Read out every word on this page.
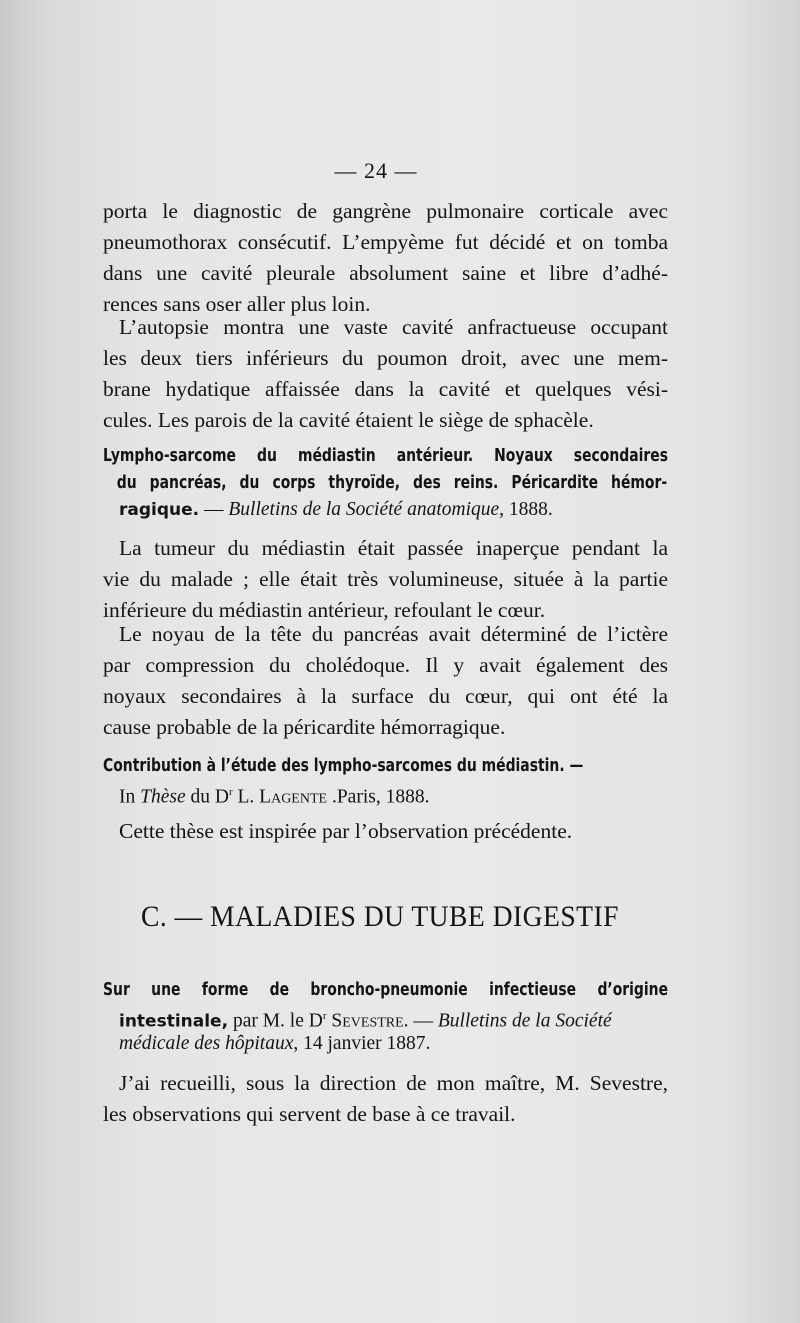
— 24 —
porta le diagnostic de gangrène pulmonaire corticale avec
pneumothorax consécutif. L’empyème fut décidé et on tomba
dans une cavité pleurale absolument saine et libre d’adhé-
rences sans oser aller plus loin.
L’autopsie montra une vaste cavité anfractueuse occupant
les deux tiers inférieurs du poumon droit, avec une mem-
brane hydatique affaissée dans la cavité et quelques vési-
cules. Les parois de la cavité étaient le siège de sphacèle.
Lympho-sarcome du médiastin antérieur. Noyaux secondaires
du pancréas, du corps thyroïde, des reins. Péricardite hémor-
ragique. — Bulletins de la Société anatomique, 1888.
La tumeur du médiastin était passée inaperçue pendant la
vie du malade ; elle était très volumineuse, située à la partie
inférieure du médiastin antérieur, refoulant le cœur.
Le noyau de la tête du pancréas avait déterminé de l’ictère
par compression du cholédoque. Il y avait également des
noyaux secondaires à la surface du cœur, qui ont été la
cause probable de la péricardite hémorragique.
Contribution à l’étude des lympho-sarcomes du médiastin. —
In Thèse du $D^r$ L. Lagente .Paris, 1888.
Cette thèse est inspirée par l’observation précédente.
C. — MALADIES DU TUBE DIGESTIF
Sur une forme de broncho-pneumonie infectieuse d’origine
intestinale, par M. le $D^r$ Sevestre. — Bulletins de la Société
médicale des hôpitaux, 14 janvier 1887.
J’ai recueilli, sous la direction de mon maître, M. Sevestre,
les observations qui servent de base à ce travail.
